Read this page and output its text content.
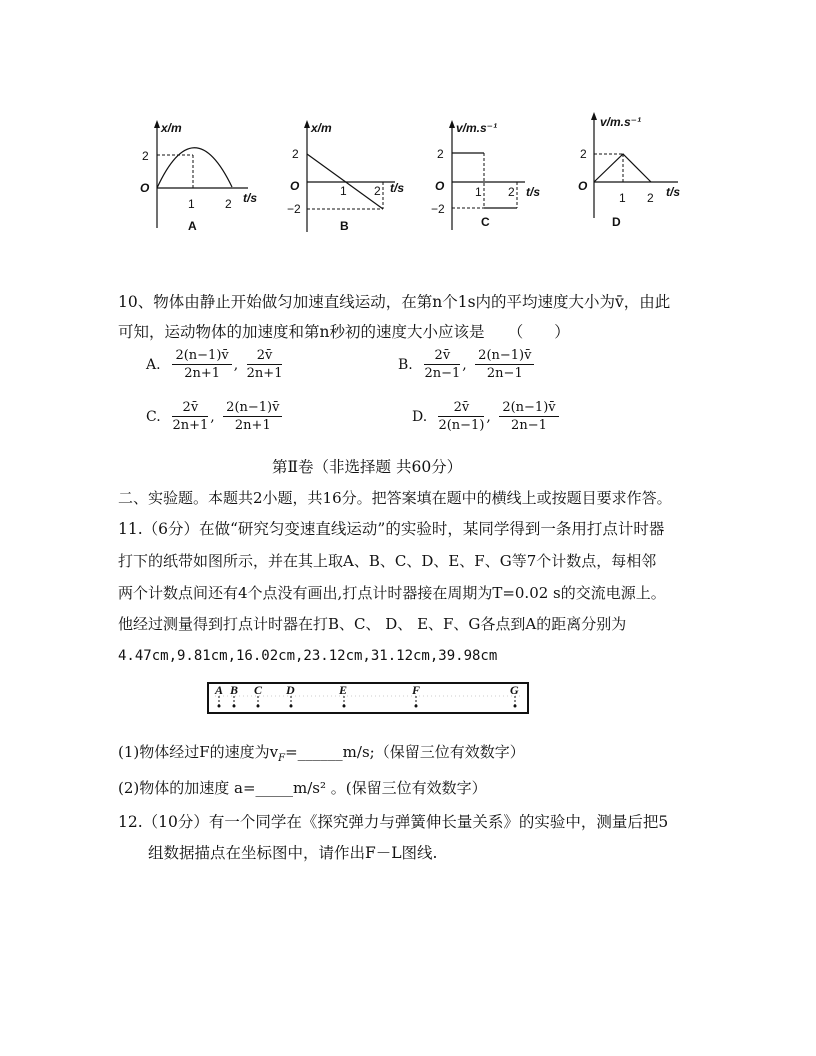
x/m
2
O
1	2 t/s
A
x/m
2
−2
O	1 2 t/s
B
v/m.s⁻¹
2
−2
O	1 2 t/s
C
v/m.s⁻¹
2
O
1 2 t/s
D
10、物体由静止开始做匀加速直线运动，在第n个1s内的平均速度大小为v̄，由此
可知，运动物体的加速度和第n秒初的速度大小应该是　　（　　）
A. $\frac{2(n-1)v̄}{2n+1}$ , $\frac{2v̄}{2n+1}$	B. $\frac{2v̄}{2n-1}$ , $\frac{2(n-1)v̄}{2n-1}$
C. $\frac{2v̄}{2n+1}$ , $\frac{2(n-1)v̄}{2n+1}$	D. $\frac{2v̄}{2(n-1)}$ , $\frac{2(n-1)v̄}{2n-1}$
第Ⅱ卷（非选择题 共60分）
二、实验题。本题共2小题，共16分。把答案填在题中的横线上或按题目要求作答。
11.（6分）在做“研究匀变速直线运动”的实验时，某同学得到一条用打点计时器
打下的纸带如图所示，并在其上取A、B、C、D、E、F、G等7个计数点，每相邻
两个计数点间还有4个点没有画出,打点计时器接在周期为T=0.02 s的交流电源上。
他经过测量得到打点计时器在打B、C、 D、 E、F、G各点到A的距离分别为
4.47cm,9.81cm,16.02cm,23.12cm,31.12cm,39.98cm
A B C D	E	F	G
(1)物体经过F的速度为$v_F=\_\_\_\_\_\_m/s$;（保留三位有效数字）
(2)物体的加速度 a=_____m/s² 。(保留三位有效数字）
12.（10分）有一个同学在《探究弹力与弹簧伸长量关系》的实验中，测量后把5
组数据描点在坐标图中，请作出F－L图线.
